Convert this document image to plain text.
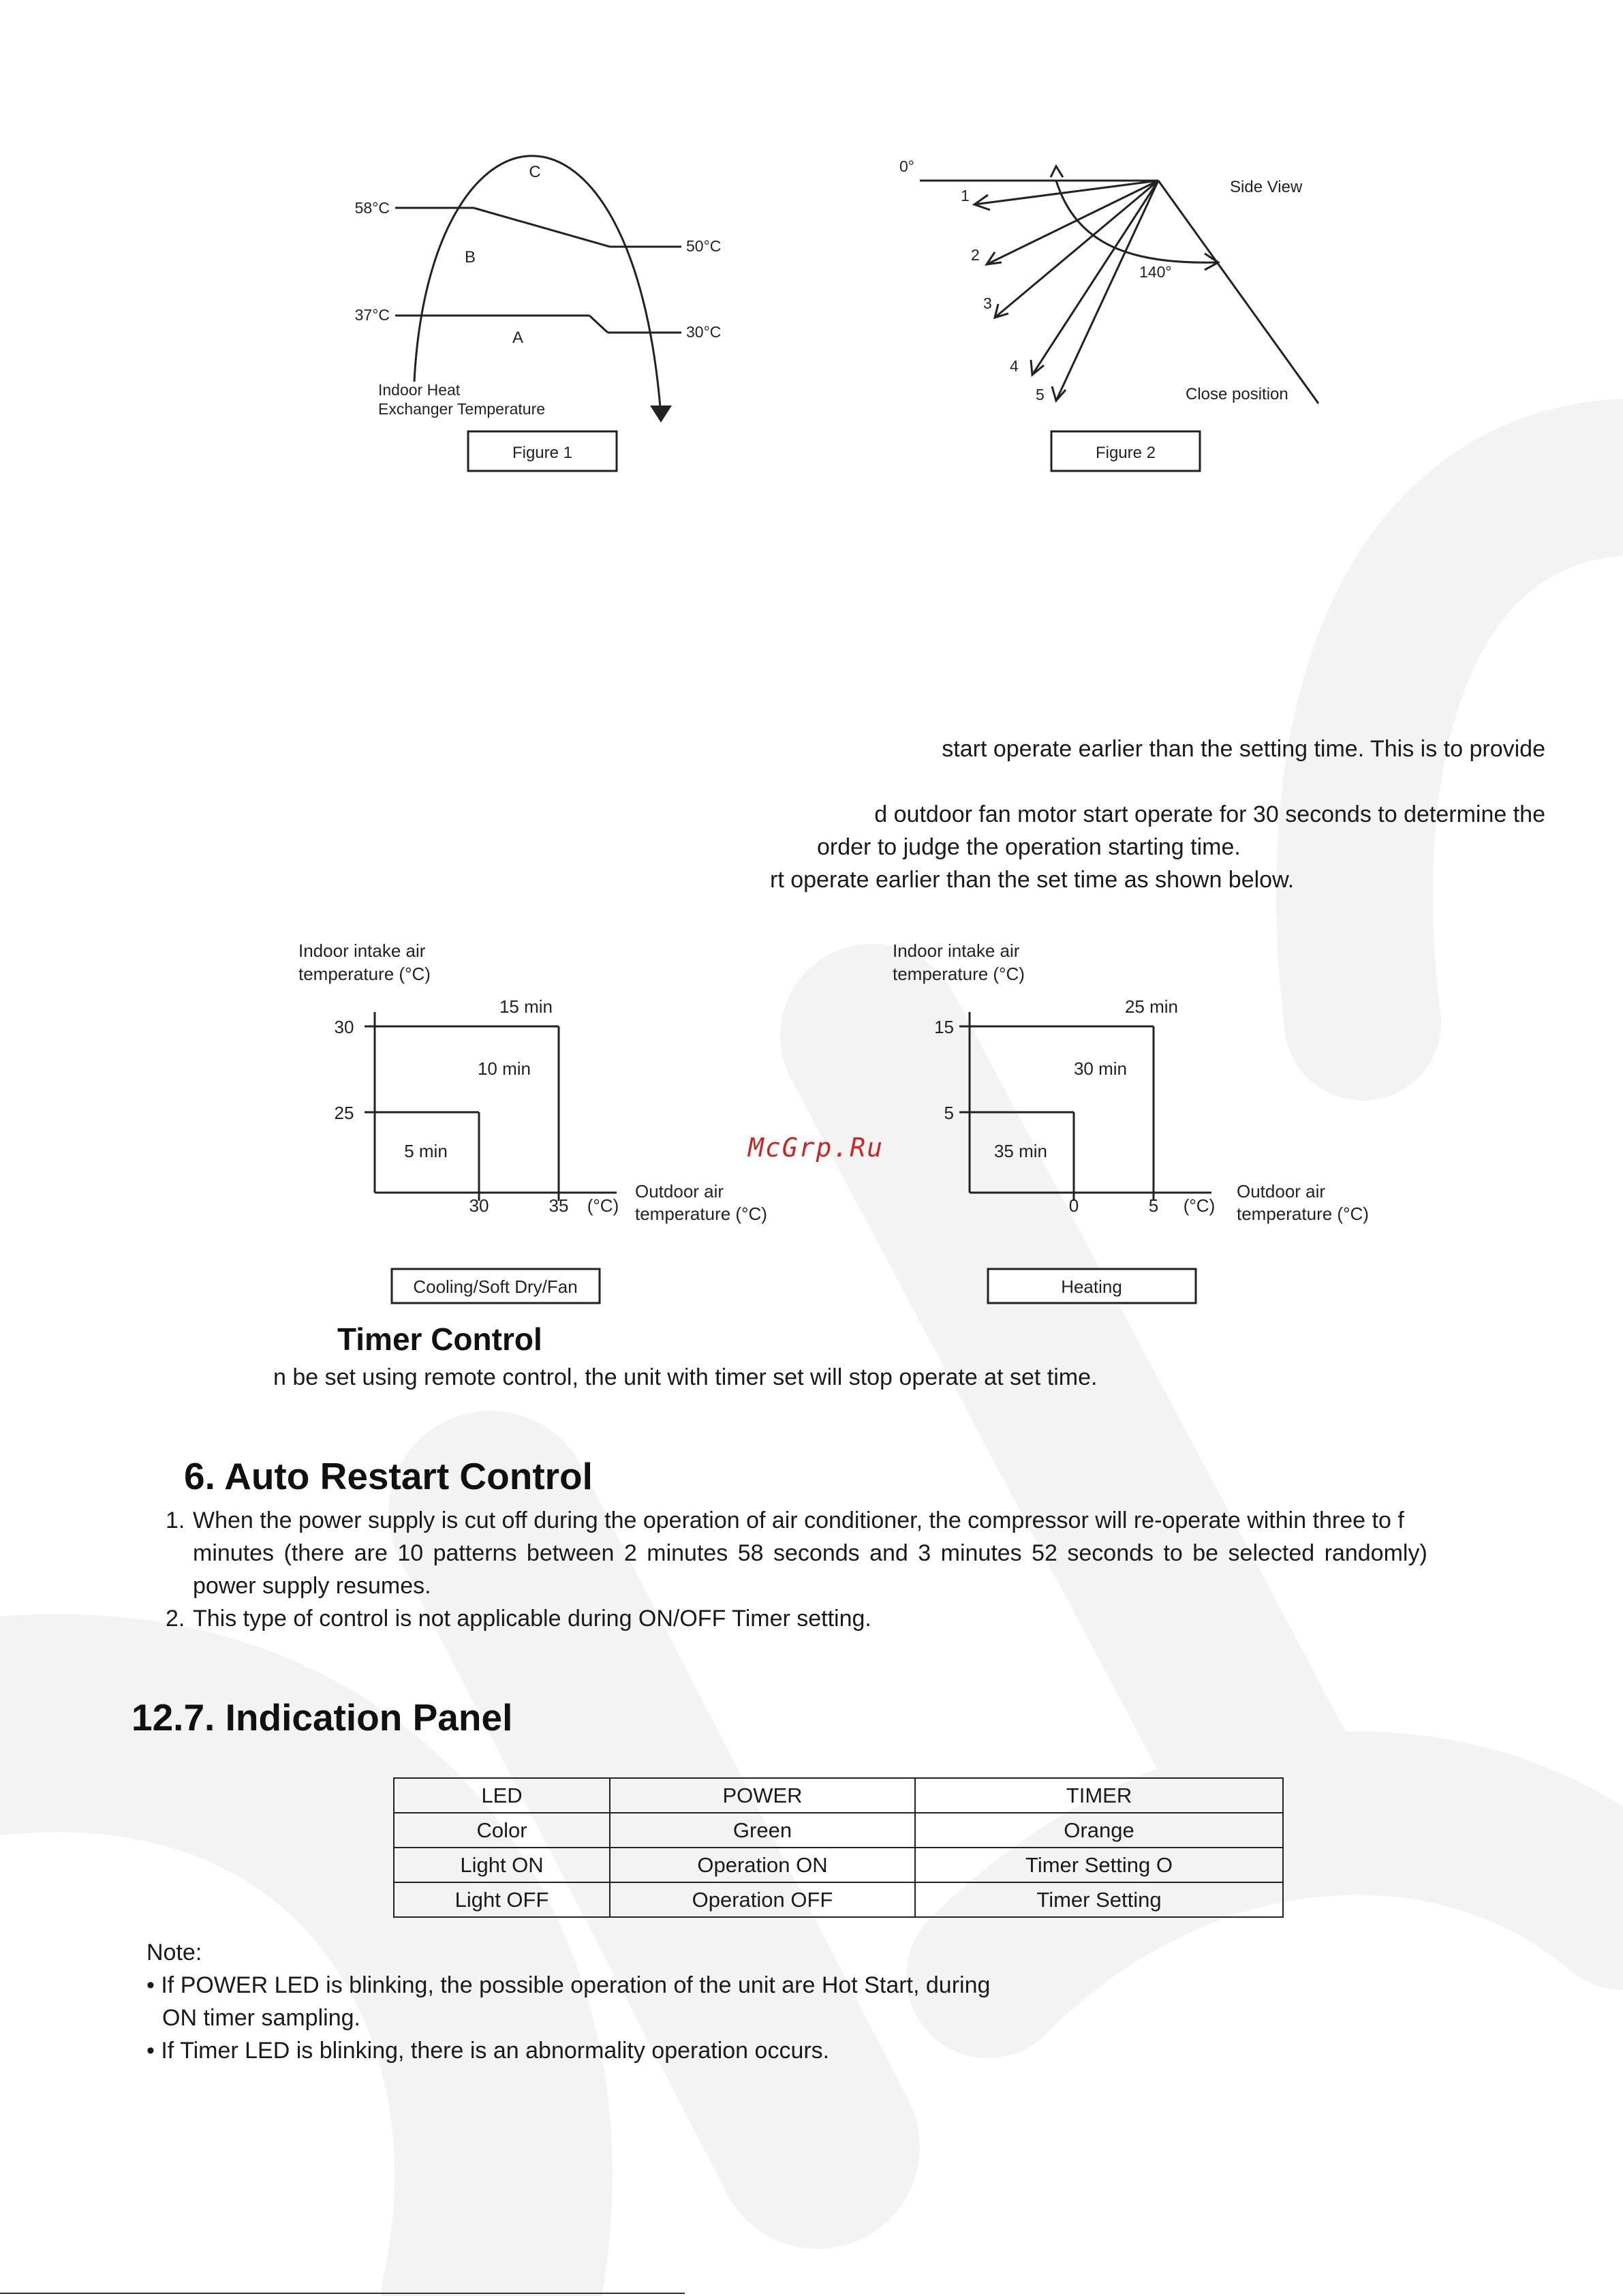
C
B
A
58°C
50°C
37°C
30°C
Indoor Heat
Exchanger Temperature
Figure 1
0°
1
2
3
4
5
140°
Side View
Close position
Figure 2
start operate earlier than the setting time. This is to provide
d outdoor fan motor start operate for 30 seconds to determine the
order to judge the operation starting time.
rt operate earlier than the set time as shown below.
Indoor intake air
temperature (°C)
30
25
30	35 (°C)
Outdoor air
temperature (°C)
15 min
10 min
5 min
Cooling/Soft Dry/Fan
Indoor intake air
temperature (°C)
15
5
0	5 (°C)
Outdoor air
temperature (°C)
25 min
30 min
35 min
Heating
McGrp.Ru
Timer Control
n be set using remote control, the unit with timer set will stop operate at set time.
6. Auto Restart Control
1. When the power supply is cut off during the operation of air conditioner, the compressor will re-operate within three to f
minutes (there are 10 patterns between 2 minutes 58 seconds and 3 minutes 52 seconds to be selected randomly)
power supply resumes.
2. This type of control is not applicable during ON/OFF Timer setting.
12.7. Indication Panel
LED	POWER	TIMER
Color	Green	Orange
Light ON	Operation ON	Timer Setting O
Light OFF	Operation OFF	Timer Setting
Note:
• If POWER LED is blinking, the possible operation of the unit are Hot Start, during
ON timer sampling.
• If Timer LED is blinking, there is an abnormality operation occurs.
